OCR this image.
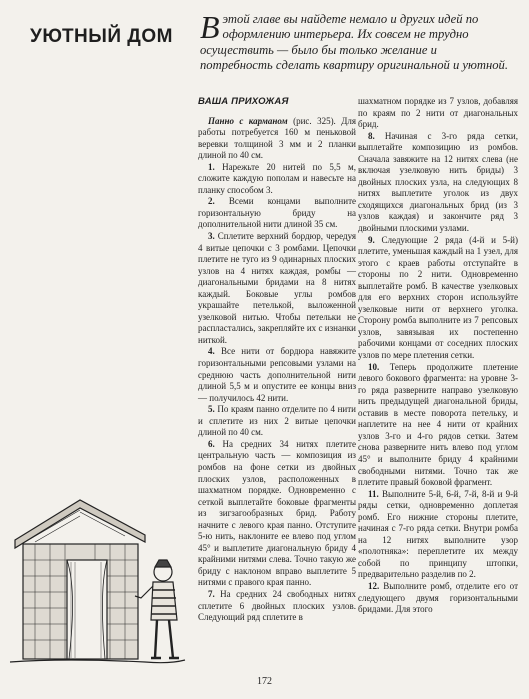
УЮТНЫЙ ДОМ Вэтой главе вы найдете немало и других идей по оформлению интерьера. Их совсем не трудно осуществить — было бы только желание и потребность сделать квартиру оригинальной и уютной.

ВАША ПРИХОЖАЯ

Панно с карманом (рис. 325). Для работы потребуется 160 м пеньковой веревки толщиной 3 мм и 2 планки длиной по 40 см.

1. Нарежьте 20 нитей по 5,5 м, сложите каждую пополам и навесьте на планку способом 3.

2. Всеми концами выполните горизонтальную бриду на дополнительной нити длиной 35 см.

3. Сплетите верхний бордюр, чередуя 4 витые цепочки с 3 ромбами. Цепочки плетите не туго из 9 одинарных плоских узлов на 4 нитях каждая, ромбы — диагональными бридами на 8 нитях каждый. Боковые углы ромбов украшайте петелькой, выложенной узелковой нитью. Чтобы петельки не распластались, закрепляйте их с изнанки ниткой.

4. Все нити от бордюра навяжите горизонтальными репсовыми узлами на среднюю часть дополнительной нити длиной 5,5 м и опустите ее концы вниз — получилось 42 нити.

5. По краям панно отделите по 4 нити и сплетите из них 2 витые цепочки длиной по 40 см.

6. На средних 34 нитях плетите центральную часть — композиция из ромбов на фоне сетки из двойных плоских узлов, расположенных в шахматном порядке. Одновременно с сеткой выплетайте боковые фрагменты из зигзагообразных брид. Работу начните с левого края панно. Отступите 5-ю нить, наклоните ее влево под углом 45° и выплетите диагональную бриду 4 крайними нитями слева. Точно такую же бриду с наклоном вправо выплетите 5 нитями с правого края панно.

7. На средних 24 свободных нитях сплетите 6 двойных плоских узлов. Следующий ряд сплетите в

шахматном порядке из 7 узлов, добавляя по краям по 2 нити от диагональных брид.

8. Начиная с 3-го ряда сетки, выплетайте композицию из ромбов. Сначала завяжите на 12 нитях слева (не включая узелковую нить бриды) 3 двойных плоских узла, на следующих 8 нитях выплетите уголок из двух сходящихся диагональных брид (из 3 узлов каждая) и закончите ряд 3 двойными плоскими узлами.

9. Следующие 2 ряда (4-й и 5-й) плетите, уменьшая каждый на 1 узел, для этого с краев работы отступайте в стороны по 2 нити. Одновременно выплетайте ромб. В качестве узелковых для его верхних сторон используйте узелковые нити от верхнего уголка. Сторону ромба выполните из 7 репсовых узлов, завязывая их постепенно рабочими концами от соседних плоских узлов по мере плетения сетки.

10. Теперь продолжите плетение левого бокового фрагмента: на уровне 3-го ряда разверните направо узелковую нить предыдущей диагональной бриды, оставив в месте поворота петельку, и наплетите на нее 4 нити от крайних узлов 3-го и 4-го рядов сетки. Затем снова разверните нить влево под углом 45° и выполните бриду 4 крайними свободными нитями. Точно так же плетите правый боковой фрагмент.

11. Выполните 5-й, 6-й, 7-й, 8-й и 9-й ряды сетки, одновременно доплетая ромб. Его нижние стороны плетите, начиная с 7-го ряда сетки. Внутри ромба на 12 нитях выполните узор «полотняка»: переплетите их между собой по принципу штопки, предварительно разделив по 2.

12. Выполните ромб, отделите его от следующего двумя горизонтальными бридами. Для этого

172
